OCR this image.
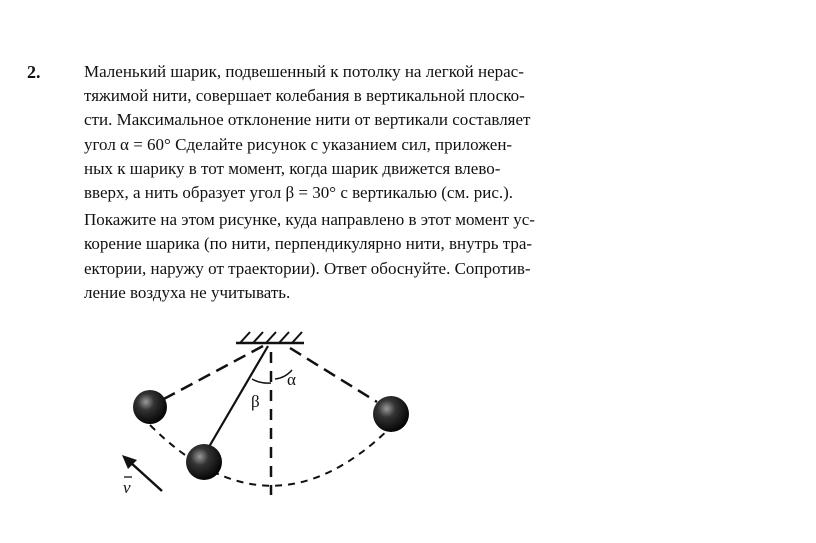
2.	Маленький шарик, подвешенный к потолку на легкой нерас-
тяжимой нити, совершает колебания в вертикальной плоско-
сти. Максимальное отклонение нити от вертикали составляет
угол α = 60° Сделайте рисунок с указанием сил, приложен-
ных к шарику в тот момент, когда шарик движется влево-
вверх, а нить образует угол β = 30° с вертикалью (см. рис.).
Покажите на этом рисунке, куда направлено в этот момент ус-
корение шарика (по нити, перпендикулярно нити, внутрь тра-
ектории, наружу от траектории). Ответ обоснуйте. Сопротив-
ление воздуха не учитывать.
β
α
v
